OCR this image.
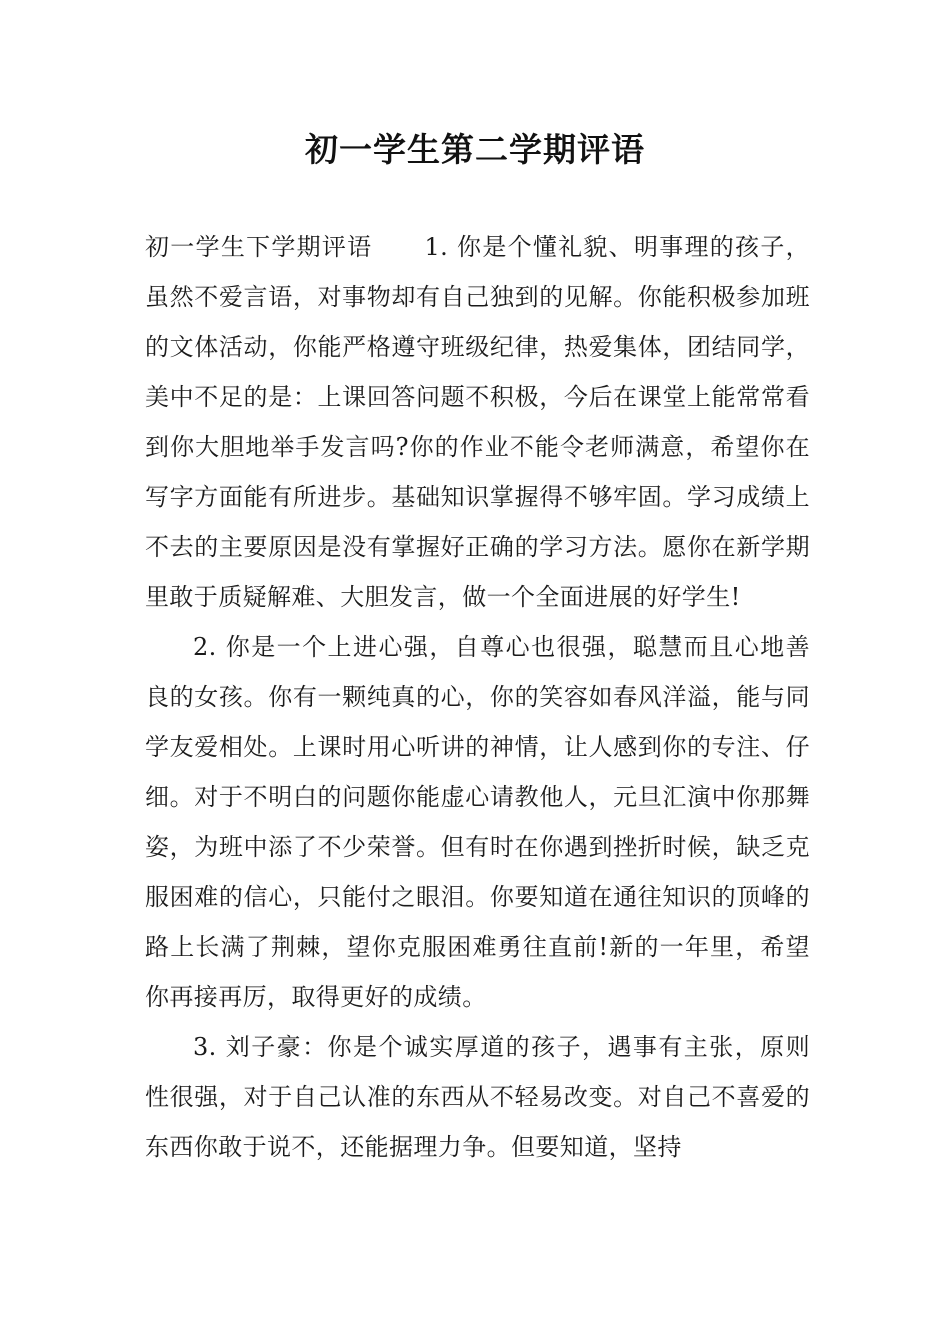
初一学生第二学期评语

初一学生下学期评语 1. 你是个懂礼貌、明事理的孩子，虽然不爱言语，对事物却有自己独到的见解。你能积极参加班的文体活动，你能严格遵守班级纪律，热爱集体，团结同学，美中不足的是：上课回答问题不积极，今后在课堂上能常常看到你大胆地举手发言吗?你的作业不能令老师满意，希望你在写字方面能有所进步。基础知识掌握得不够牢固。学习成绩上不去的主要原因是没有掌握好正确的学习方法。愿你在新学期里敢于质疑解难、大胆发言，做一个全面进展的好学生!

2. 你是一个上进心强，自尊心也很强，聪慧而且心地善良的女孩。你有一颗纯真的心，你的笑容如春风洋溢，能与同学友爱相处。上课时用心听讲的神情，让人感到你的专注、仔细。对于不明白的问题你能虚心请教他人，元旦汇演中你那舞姿，为班中添了不少荣誉。但有时在你遇到挫折时候，缺乏克服困难的信心，只能付之眼泪。你要知道在通往知识的顶峰的路上长满了荆棘，望你克服困难勇往直前!新的一年里，希望你再接再厉，取得更好的成绩。

3. 刘子豪：你是个诚实厚道的孩子，遇事有主张，原则性很强，对于自己认准的东西从不轻易改变。对自己不喜爱的东西你敢于说不，还能据理力争。但要知道，坚持
